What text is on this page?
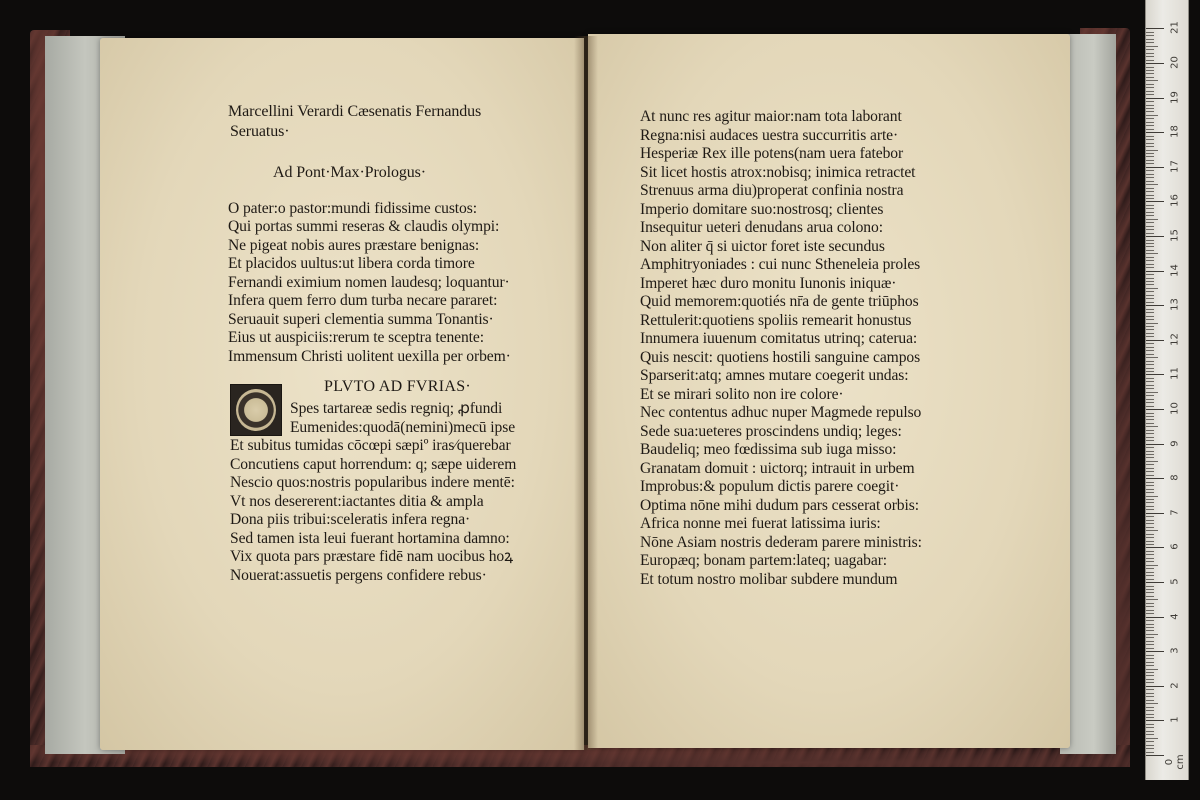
Marcellini Verardi Cæsenatis Fernandus
Seruatus·
Ad Pont·Max·Prologus·
O pater:o pastor:mundi fidissime custos:
Qui portas summi reseras & claudis olympi:
Ne pigeat nobis aures præstare benignas:
Et placidos uultus:ut libera corda timore
Fernandi eximium nomen laudesq; loquantur·
Infera quem ferro dum turba necare pararet:
Seruauit superi clementia summa Tonantis·
Eius ut auspiciis:rerum te sceptra tenente:
Immensum Christi uolitent uexilla per orbem·
PLVTO AD FVRIAS·
Spes tartareæ sedis regniq; ꝓfundi
Eumenides:quodā(nemini)mecū ipse
Et subitus tumidas cōcœpi sæpiº iras⁄querebar
Concutiens caput horrendum: q; sæpe uiderem
Nescio quos:nostris popularibus indere mentē:
Vt nos desererent:iactantes ditia & ampla
Dona piis tribui:sceleratis infera regna·
Sed tamen ista leui fuerant hortamina damno:
Vix quota pars præstare fidē nam uocibus hoꝝ
Nouerat:assuetis pergens confidere rebus·
At nunc res agitur maior:nam tota laborant
Regna:nisi audaces uestra succurritis arte·
Hesperiæ Rex ille potens(nam uera fatebor
Sit licet hostis atrox:nobisq; inimica retractet
Strenuus arma diu)properat confinia nostra
Imperio domitare suo:nostrosq; clientes
Insequitur ueteri denudans arua colono:
Non aliter q̄ si uictor foret iste secundus
Amphitryoniades : cui nunc Stheneleia proles
Imperet hæc duro monitu Iunonis iniquæ·
Quid memorem:quotiés nr̄a de gente triūphos
Rettulerit:quotiens spoliis remearit honustus
Innumera iuuenum comitatus utrinq; caterua:
Quis nescit: quotiens hostili sanguine campos
Sparserit:atq; amnes mutare coegerit undas:
Et se mirari solito non ire colore·
Nec contentus adhuc nuper Magmede repulso
Sede sua:ueteres proscindens undiq; leges:
Baudeliq; meo fœdissima sub iuga misso:
Granatam domuit : uictorq; intrauit in urbem
Improbus:& populum dictis parere coegit·
Optima nōne mihi dudum pars cesserat orbis:
Africa nonne mei fuerat latissima iuris:
Nōne Asiam nostris dederam parere ministris:
Europæq; bonam partem:lateq; uagabar:
Et totum nostro molibar subdere mundum
0 cm
1
2
3
4
5
6
7
8
9
10
11
12
13
14
15
16
17
18
19
20
21
